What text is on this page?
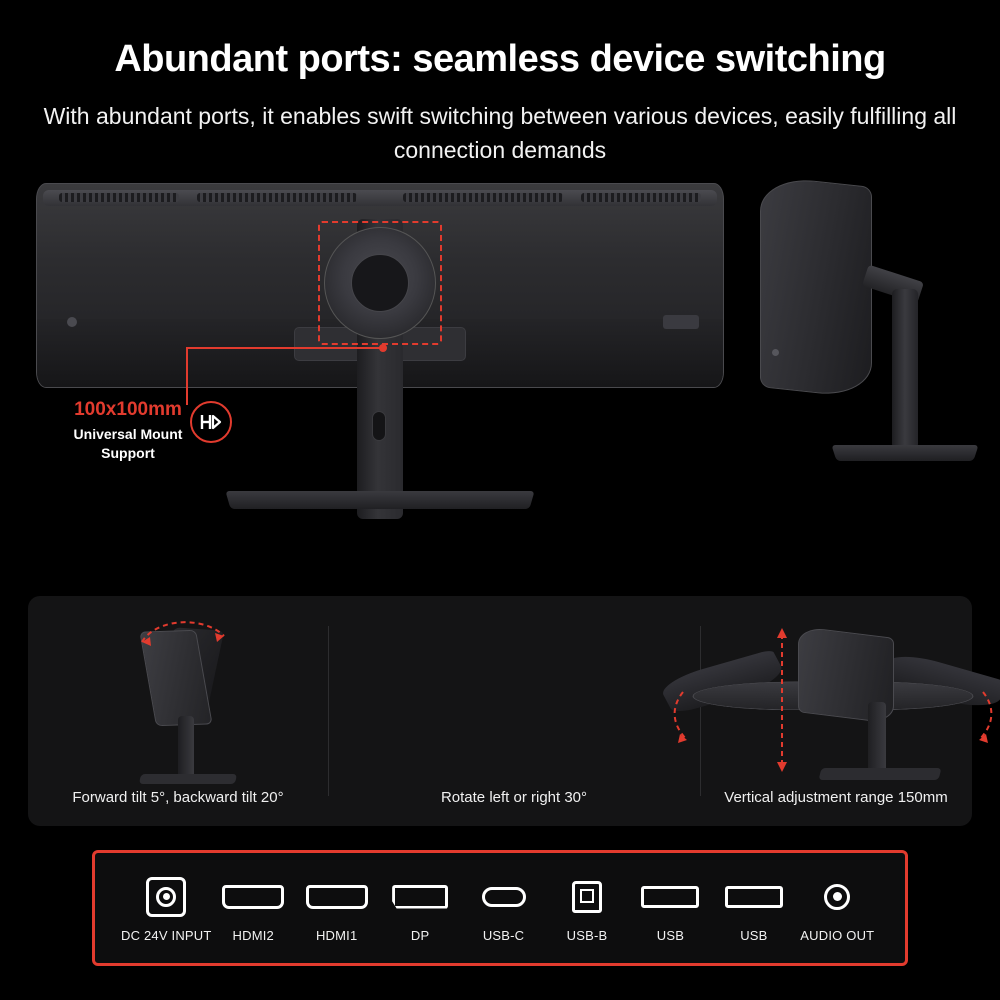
Abundant ports: seamless device switching
With abundant ports, it enables swift switching between various devices, easily fulfilling all connection demands
100x100mm
Universal Mount
Support
Forward tilt 5°, backward tilt 20°	Rotate left or right 30°	Vertical adjustment range 150mm
DC 24V INPUT HDMI2	HDMI1	DP	USB-C	USB-B	USB	USB	AUDIO OUT
